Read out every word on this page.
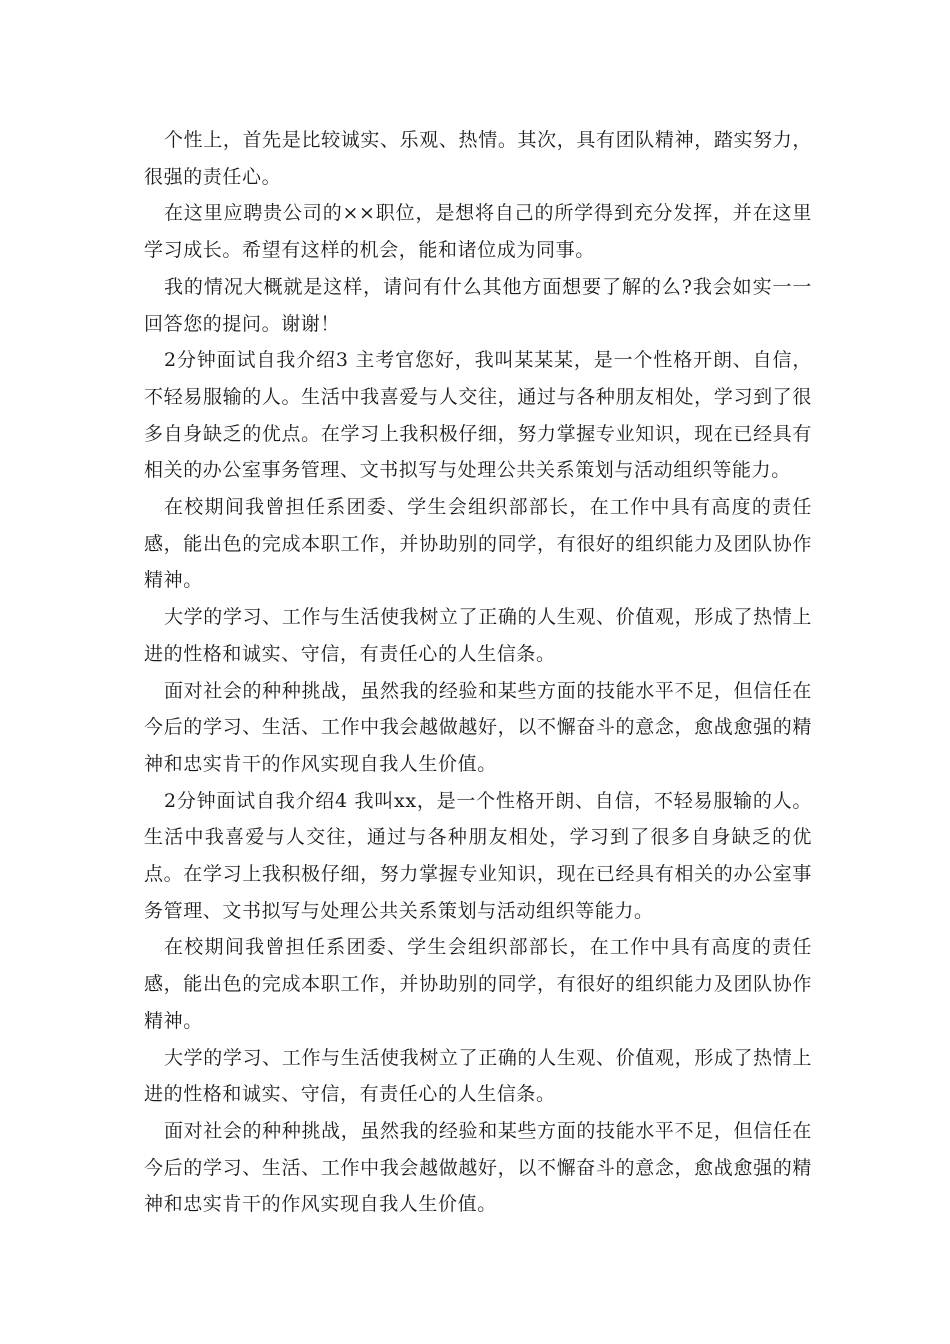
个性上，首先是比较诚实、乐观、热情。其次，具有团队精神，踏实努力，很强的责任心。

在这里应聘贵公司的××职位，是想将自己的所学得到充分发挥，并在这里学习成长。希望有这样的机会，能和诸位成为同事。

我的情况大概就是这样，请问有什么其他方面想要了解的么?我会如实一一回答您的提问。谢谢！

2分钟面试自我介绍3 主考官您好，我叫某某某，是一个性格开朗、自信，不轻易服输的人。生活中我喜爱与人交往，通过与各种朋友相处，学习到了很多自身缺乏的优点。在学习上我积极仔细，努力掌握专业知识，现在已经具有相关的办公室事务管理、文书拟写与处理公共关系策划与活动组织等能力。

在校期间我曾担任系团委、学生会组织部部长，在工作中具有高度的责任感，能出色的完成本职工作，并协助别的同学，有很好的组织能力及团队协作精神。

大学的学习、工作与生活使我树立了正确的人生观、价值观，形成了热情上进的性格和诚实、守信，有责任心的人生信条。

面对社会的种种挑战，虽然我的经验和某些方面的技能水平不足，但信任在今后的学习、生活、工作中我会越做越好，以不懈奋斗的意念，愈战愈强的精神和忠实肯干的作风实现自我人生价值。

2分钟面试自我介绍4 我叫xx，是一个性格开朗、自信，不轻易服输的人。生活中我喜爱与人交往，通过与各种朋友相处，学习到了很多自身缺乏的优点。在学习上我积极仔细，努力掌握专业知识，现在已经具有相关的办公室事务管理、文书拟写与处理公共关系策划与活动组织等能力。

在校期间我曾担任系团委、学生会组织部部长，在工作中具有高度的责任感，能出色的完成本职工作，并协助别的同学，有很好的组织能力及团队协作精神。

大学的学习、工作与生活使我树立了正确的人生观、价值观，形成了热情上进的性格和诚实、守信，有责任心的人生信条。

面对社会的种种挑战，虽然我的经验和某些方面的技能水平不足，但信任在今后的学习、生活、工作中我会越做越好，以不懈奋斗的意念，愈战愈强的精神和忠实肯干的作风实现自我人生价值。
